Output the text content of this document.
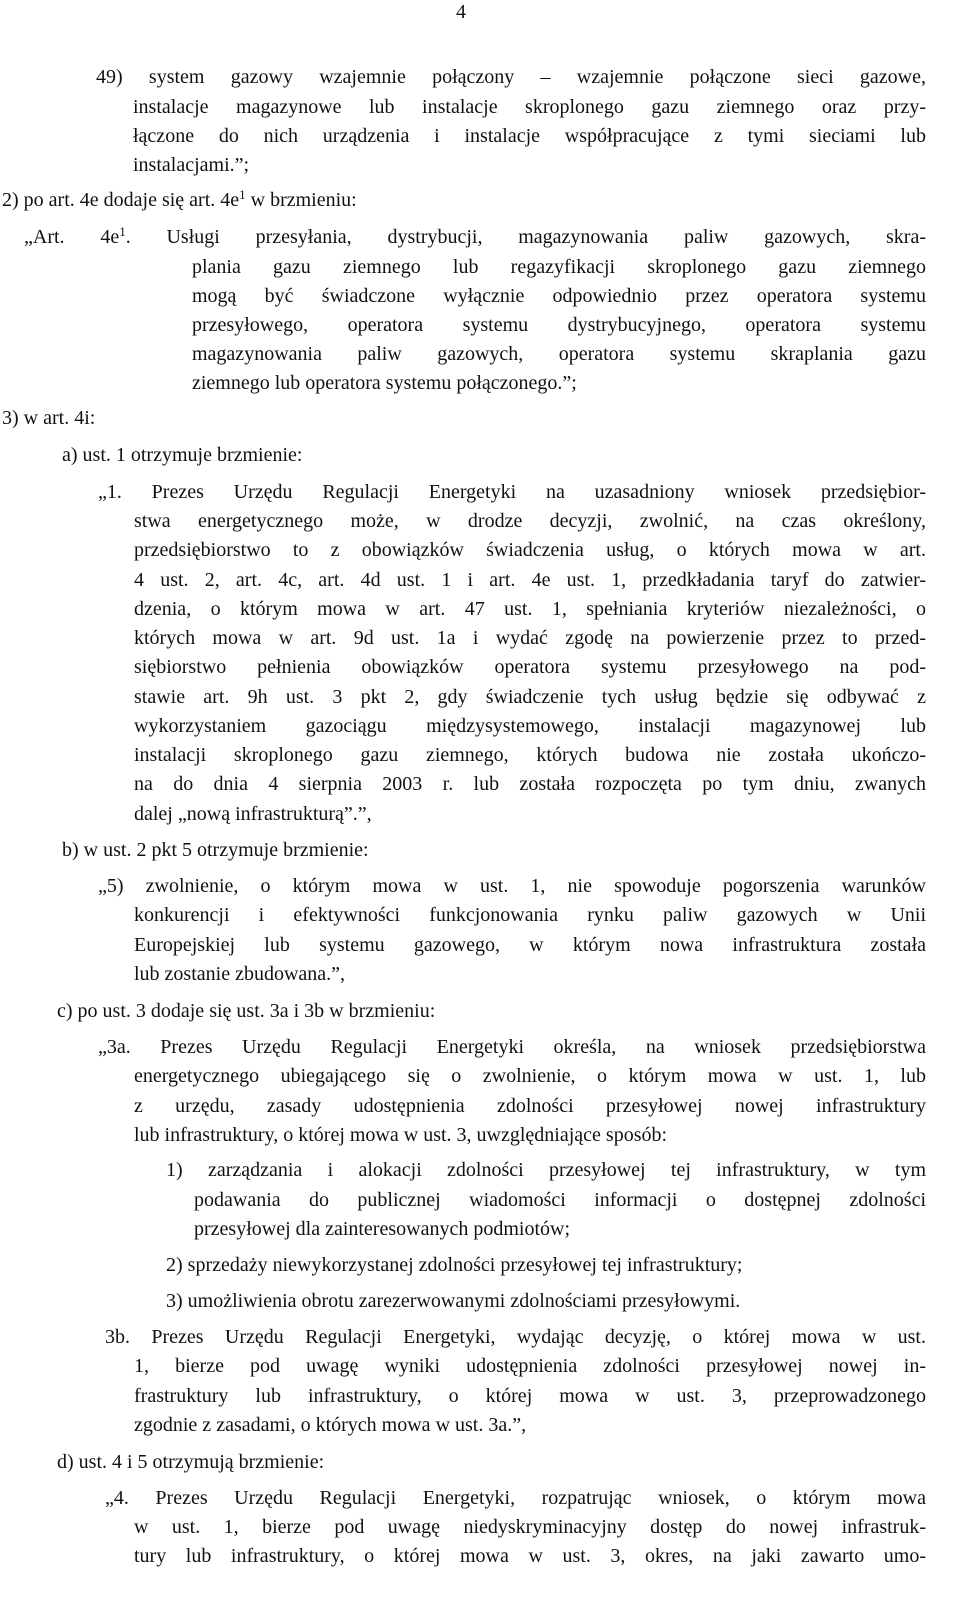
4
49) system gazowy wzajemnie połączony – wzajemnie połączone sieci gazowe,
instalacje magazynowe lub instalacje skroplonego gazu ziemnego oraz przy-
łączone do nich urządzenia i instalacje współpracujące z tymi sieciami lub
instalacjami.”;
2) po art. 4e dodaje się art. $4e^1$ w brzmieniu:
„Art. $4e^1$. Usługi przesyłania, dystrybucji, magazynowania paliw gazowych, skra-
plania gazu ziemnego lub regazyfikacji skroplonego gazu ziemnego
mogą być świadczone wyłącznie odpowiednio przez operatora systemu
przesyłowego, operatora systemu dystrybucyjnego, operatora systemu
magazynowania paliw gazowych, operatora systemu skraplania gazu
ziemnego lub operatora systemu połączonego.”;
3) w art. 4i:
a) ust. 1 otrzymuje brzmienie:
„1. Prezes Urzędu Regulacji Energetyki na uzasadniony wniosek przedsiębior-
stwa energetycznego może, w drodze decyzji, zwolnić, na czas określony,
przedsiębiorstwo to z obowiązków świadczenia usług, o których mowa w art.
4 ust. 2, art. 4c, art. 4d ust. 1 i art. 4e ust. 1, przedkładania taryf do zatwier-
dzenia, o którym mowa w art. 47 ust. 1, spełniania kryteriów niezależności, o
których mowa w art. 9d ust. 1a i wydać zgodę na powierzenie przez to przed-
siębiorstwo pełnienia obowiązków operatora systemu przesyłowego na pod-
stawie art. 9h ust. 3 pkt 2, gdy świadczenie tych usług będzie się odbywać z
wykorzystaniem gazociągu międzysystemowego, instalacji magazynowej lub
instalacji skroplonego gazu ziemnego, których budowa nie została ukończo-
na do dnia 4 sierpnia 2003 r. lub została rozpoczęta po tym dniu, zwanych
dalej „nową infrastrukturą”.”,
b) w ust. 2 pkt 5 otrzymuje brzmienie:
„5) zwolnienie, o którym mowa w ust. 1, nie spowoduje pogorszenia warunków
konkurencji i efektywności funkcjonowania rynku paliw gazowych w Unii
Europejskiej lub systemu gazowego, w którym nowa infrastruktura została
lub zostanie zbudowana.”,
c) po ust. 3 dodaje się ust. 3a i 3b w brzmieniu:
„3a. Prezes Urzędu Regulacji Energetyki określa, na wniosek przedsiębiorstwa
energetycznego ubiegającego się o zwolnienie, o którym mowa w ust. 1, lub
z urzędu, zasady udostępnienia zdolności przesyłowej nowej infrastruktury
lub infrastruktury, o której mowa w ust. 3, uwzględniające sposób:
1) zarządzania i alokacji zdolności przesyłowej tej infrastruktury, w tym
podawania do publicznej wiadomości informacji o dostępnej zdolności
przesyłowej dla zainteresowanych podmiotów;
2) sprzedaży niewykorzystanej zdolności przesyłowej tej infrastruktury;
3) umożliwienia obrotu zarezerwowanymi zdolnościami przesyłowymi.
3b. Prezes Urzędu Regulacji Energetyki, wydając decyzję, o której mowa w ust.
1, bierze pod uwagę wyniki udostępnienia zdolności przesyłowej nowej in-
frastruktury lub infrastruktury, o której mowa w ust. 3, przeprowadzonego
zgodnie z zasadami, o których mowa w ust. 3a.”,
d) ust. 4 i 5 otrzymują brzmienie:
„4. Prezes Urzędu Regulacji Energetyki, rozpatrując wniosek, o którym mowa
w ust. 1, bierze pod uwagę niedyskryminacyjny dostęp do nowej infrastruk-
tury lub infrastruktury, o której mowa w ust. 3, okres, na jaki zawarto umo-
